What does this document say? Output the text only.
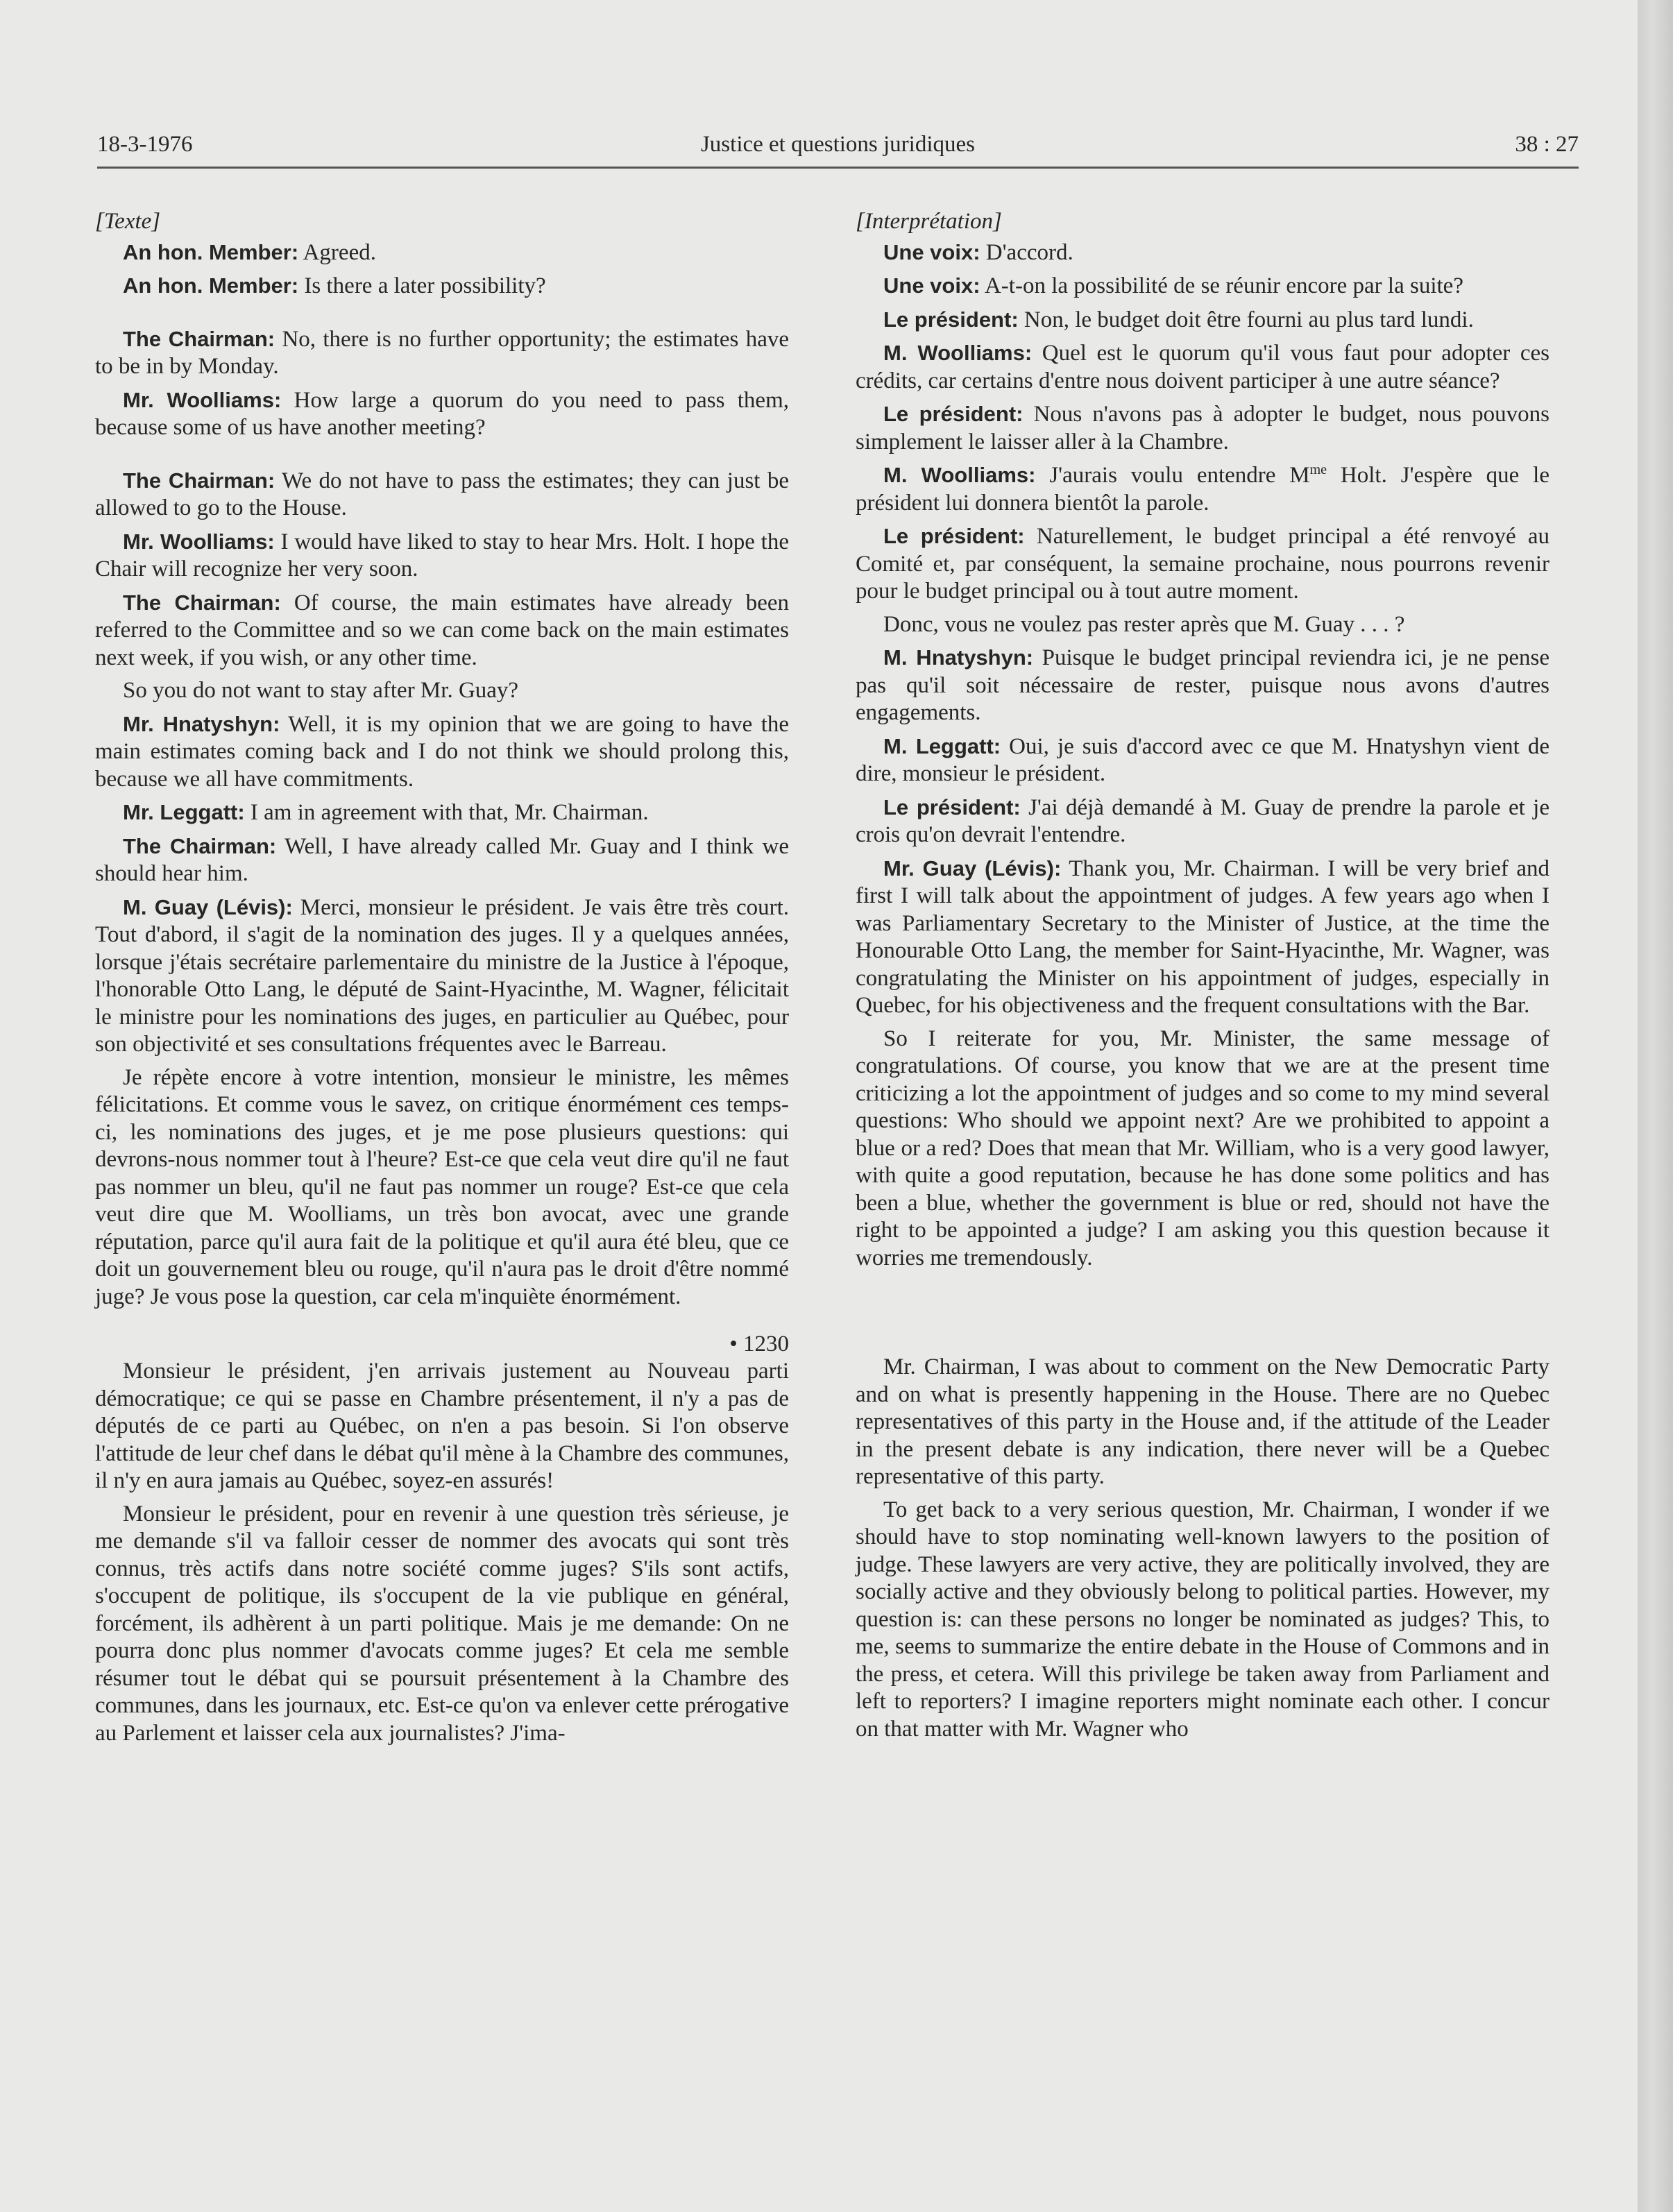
18-3-1976	Justice et questions juridiques	38 : 27

[Texte]

An hon. Member: Agreed.

An hon. Member: Is there a later possibility?

The Chairman: No, there is no further opportunity; the estimates have to be in by Monday.

Mr. Woolliams: How large a quorum do you need to pass them, because some of us have another meeting?

The Chairman: We do not have to pass the estimates; they can just be allowed to go to the House.

Mr. Woolliams: I would have liked to stay to hear Mrs. Holt. I hope the Chair will recognize her very soon.

The Chairman: Of course, the main estimates have already been referred to the Committee and so we can come back on the main estimates next week, if you wish, or any other time.

So you do not want to stay after Mr. Guay?

Mr. Hnatyshyn: Well, it is my opinion that we are going to have the main estimates coming back and I do not think we should prolong this, because we all have commitments.

Mr. Leggatt: I am in agreement with that, Mr. Chairman.

The Chairman: Well, I have already called Mr. Guay and I think we should hear him.

M. Guay (Lévis): Merci, monsieur le président. Je vais être très court. Tout d'abord, il s'agit de la nomination des juges. Il y a quelques années, lorsque j'étais secrétaire parlementaire du ministre de la Justice à l'époque, l'honorable Otto Lang, le député de Saint-Hyacinthe, M. Wagner, félicitait le ministre pour les nominations des juges, en particulier au Québec, pour son objectivité et ses consultations fréquentes avec le Barreau.

Je répète encore à votre intention, monsieur le ministre, les mêmes félicitations. Et comme vous le savez, on critique énormément ces temps-ci, les nominations des juges, et je me pose plusieurs questions: qui devrons-nous nommer tout à l'heure? Est-ce que cela veut dire qu'il ne faut pas nommer un bleu, qu'il ne faut pas nommer un rouge? Est-ce que cela veut dire que M. Woolliams, un très bon avocat, avec une grande réputation, parce qu'il aura fait de la politique et qu'il aura été bleu, que ce doit un gouvernement bleu ou rouge, qu'il n'aura pas le droit d'être nommé juge? Je vous pose la question, car cela m'inquiète énormément.

• 1230

Monsieur le président, j'en arrivais justement au Nouveau parti démocratique; ce qui se passe en Chambre présentement, il n'y a pas de députés de ce parti au Québec, on n'en a pas besoin. Si l'on observe l'attitude de leur chef dans le débat qu'il mène à la Chambre des communes, il n'y en aura jamais au Québec, soyez-en assurés!

Monsieur le président, pour en revenir à une question très sérieuse, je me demande s'il va falloir cesser de nommer des avocats qui sont très connus, très actifs dans notre société comme juges? S'ils sont actifs, s'occupent de politique, ils s'occupent de la vie publique en général, forcément, ils adhèrent à un parti politique. Mais je me demande: On ne pourra donc plus nommer d'avocats comme juges? Et cela me semble résumer tout le débat qui se poursuit présentement à la Chambre des communes, dans les journaux, etc. Est-ce qu'on va enlever cette prérogative au Parlement et laisser cela aux journalistes? J'ima-

[Interprétation]

Une voix: D'accord.

Une voix: A-t-on la possibilité de se réunir encore par la suite?

Le président: Non, le budget doit être fourni au plus tard lundi.

M. Woolliams: Quel est le quorum qu'il vous faut pour adopter ces crédits, car certains d'entre nous doivent participer à une autre séance?

Le président: Nous n'avons pas à adopter le budget, nous pouvons simplement le laisser aller à la Chambre.

M. Woolliams: J'aurais voulu entendre $M^{me}$ Holt. J'espère que le président lui donnera bientôt la parole.

Le président: Naturellement, le budget principal a été renvoyé au Comité et, par conséquent, la semaine prochaine, nous pourrons revenir pour le budget principal ou à tout autre moment.

Donc, vous ne voulez pas rester après que M. Guay . . . ?

M. Hnatyshyn: Puisque le budget principal reviendra ici, je ne pense pas qu'il soit nécessaire de rester, puisque nous avons d'autres engagements.

M. Leggatt: Oui, je suis d'accord avec ce que M. Hnatyshyn vient de dire, monsieur le président.

Le président: J'ai déjà demandé à M. Guay de prendre la parole et je crois qu'on devrait l'entendre.

Mr. Guay (Lévis): Thank you, Mr. Chairman. I will be very brief and first I will talk about the appointment of judges. A few years ago when I was Parliamentary Secretary to the Minister of Justice, at the time the Honourable Otto Lang, the member for Saint-Hyacinthe, Mr. Wagner, was congratulating the Minister on his appointment of judges, especially in Quebec, for his objectiveness and the frequent consultations with the Bar.

So I reiterate for you, Mr. Minister, the same message of congratulations. Of course, you know that we are at the present time criticizing a lot the appointment of judges and so come to my mind several questions: Who should we appoint next? Are we prohibited to appoint a blue or a red? Does that mean that Mr. William, who is a very good lawyer, with quite a good reputation, because he has done some politics and has been a blue, whether the government is blue or red, should not have the right to be appointed a judge? I am asking you this question because it worries me tremendously.

Mr. Chairman, I was about to comment on the New Democratic Party and on what is presently happening in the House. There are no Quebec representatives of this party in the House and, if the attitude of the Leader in the present debate is any indication, there never will be a Quebec representative of this party.

To get back to a very serious question, Mr. Chairman, I wonder if we should have to stop nominating well-known lawyers to the position of judge. These lawyers are very active, they are politically involved, they are socially active and they obviously belong to political parties. However, my question is: can these persons no longer be nominated as judges? This, to me, seems to summarize the entire debate in the House of Commons and in the press, et cetera. Will this privilege be taken away from Parliament and left to reporters? I imagine reporters might nominate each other. I concur on that matter with Mr. Wagner who
